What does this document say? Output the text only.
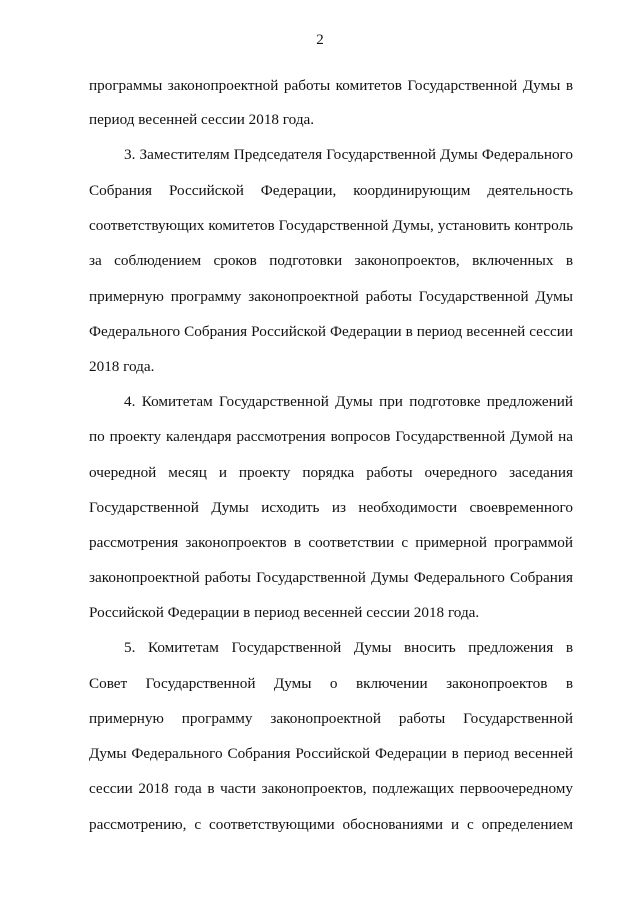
2
программы законопроектной работы комитетов Государственной Думы в
период весенней сессии 2018 года.
3. Заместителям Председателя Государственной Думы Федерального
Собрания Российской Федерации, координирующим деятельность
соответствующих комитетов Государственной Думы, установить контроль
за соблюдением сроков подготовки законопроектов, включенных в
примерную программу законопроектной работы Государственной Думы
Федерального Собрания Российской Федерации в период весенней сессии
2018 года.
4. Комитетам Государственной Думы при подготовке предложений
по проекту календаря рассмотрения вопросов Государственной Думой на
очередной месяц и проекту порядка работы очередного заседания
Государственной Думы исходить из необходимости своевременного
рассмотрения законопроектов в соответствии с примерной программой
законопроектной работы Государственной Думы Федерального Собрания
Российской Федерации в период весенней сессии 2018 года.
5. Комитетам Государственной Думы вносить предложения в
Совет Государственной Думы о включении законопроектов в
примерную программу законопроектной работы Государственной
Думы Федерального Собрания Российской Федерации в период весенней
сессии 2018 года в части законопроектов, подлежащих первоочередному
рассмотрению, с соответствующими обоснованиями и с определением
